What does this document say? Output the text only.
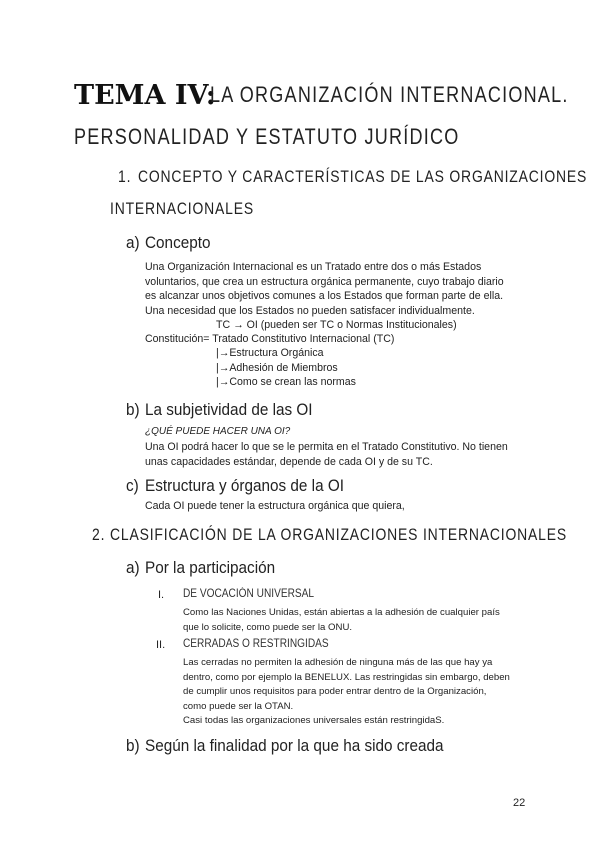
TEMA IV:
LA ORGANIZACIÓN INTERNACIONAL.
PERSONALIDAD Y ESTATUTO JURÍDICO
1. CONCEPTO Y CARACTERÍSTICAS DE LAS ORGANIZACIONES
INTERNACIONALES
a) Concepto
Una Organización Internacional es un Tratado entre dos o más Estados
voluntarios, que crea un estructura orgánica permanente, cuyo trabajo diario
es alcanzar unos objetivos comunes a los Estados que forman parte de ella.
Una necesidad que los Estados no pueden satisfacer individualmente.
TC → OI (pueden ser TC o Normas Institucionales)
Constitución= Tratado Constitutivo Internacional (TC)
|→Estructura Orgánica
|→Adhesión de Miembros
|→Como se crean las normas
b) La subjetividad de las OI
¿QUÉ PUEDE HACER UNA OI?
Una OI podrá hacer lo que se le permita en el Tratado Constitutivo. No tienen
unas capacidades estándar, depende de cada OI y de su TC.
c) Estructura y órganos de la OI
Cada OI puede tener la estructura orgánica que quiera,
2. CLASIFICACIÓN DE LA ORGANIZACIONES INTERNACIONALES
a) Por la participación
I. DE VOCACIÓN UNIVERSAL
Como las Naciones Unidas, están abiertas a la adhesión de cualquier país
que lo solicite, como puede ser la ONU.
II. CERRADAS O RESTRINGIDAS
Las cerradas no permiten la adhesión de ninguna más de las que hay ya
dentro, como por ejemplo la BENELUX. Las restringidas sin embargo, deben
de cumplir unos requisitos para poder entrar dentro de la Organización,
como puede ser la OTAN.
Casi todas las organizaciones universales están restringidaS.
b) Según la finalidad por la que ha sido creada
22
